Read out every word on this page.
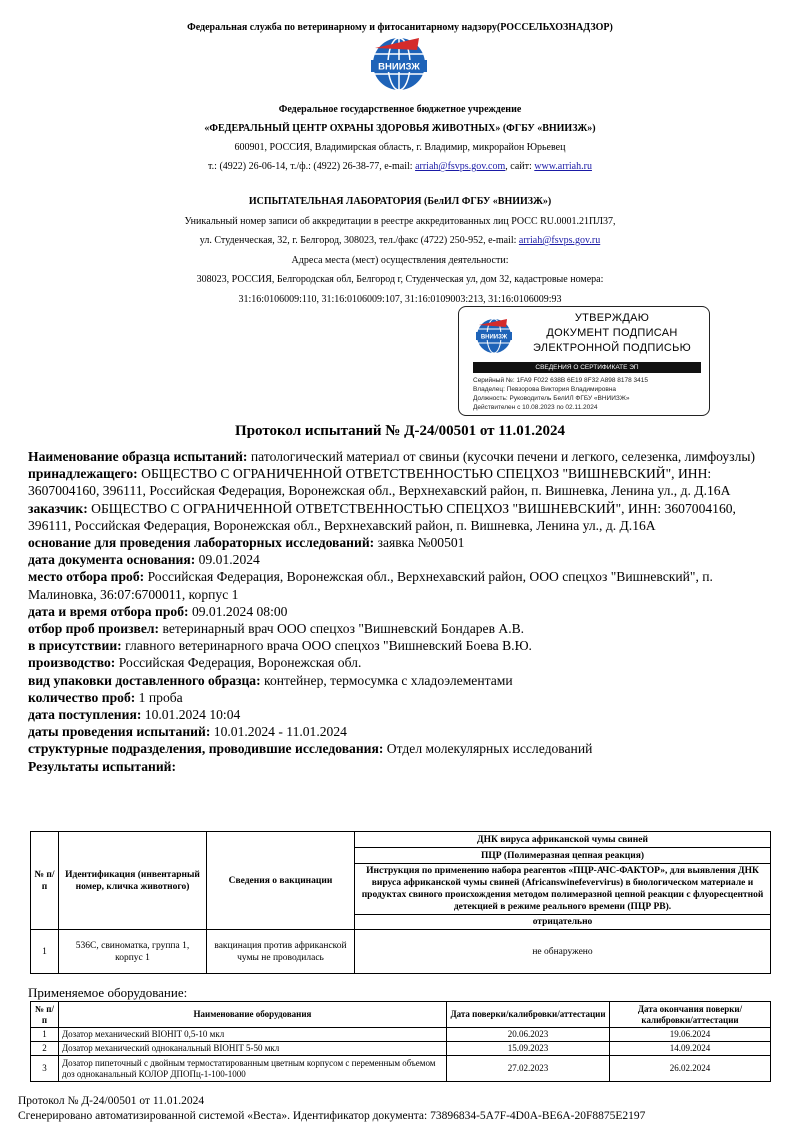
Федеральная служба по ветеринарному и фитосанитарному надзору(РОССЕЛЬХОЗНАДЗОР)
ВНИИЗЖ
Федеральное государственное бюджетное учреждение
«ФЕДЕРАЛЬНЫЙ ЦЕНТР ОХРАНЫ ЗДОРОВЬЯ ЖИВОТНЫХ» (ФГБУ «ВНИИЗЖ»)
600901, РОССИЯ, Владимирская область, г. Владимир, микрорайон Юрьевец
т.: (4922) 26-06-14, т./ф.: (4922) 26-38-77, e-mail: arriah@fsvps.gov.com, сайт: www.arriah.ru
ИСПЫТАТЕЛЬНАЯ ЛАБОРАТОРИЯ (БелИЛ ФГБУ «ВНИИЗЖ»)
Уникальный номер записи об аккредитации в реестре аккредитованных лиц РОСС RU.0001.21ПЛ37,
ул. Студенческая, 32, г. Белгород, 308023, тел./факс (4722) 250-952, e-mail: arriah@fsvps.gov.ru
Адреса места (мест) осуществления деятельности:
308023, РОССИЯ, Белгородская обл, Белгород г, Студенческая ул, дом 32, кадастровые номера:
31:16:0106009:110, 31:16:0106009:107, 31:16:0109003:213, 31:16:0106009:93
ВНИИЗЖ
УТВЕРЖДАЮ
ДОКУМЕНТ ПОДПИСАН
ЭЛЕКТРОННОЙ ПОДПИСЬЮ
СВЕДЕНИЯ О СЕРТИФИКАТЕ ЭП
Серийный №: 1FA9 F022 638B 6E19 8F32 A898 8178 3415
Владелец: Певзорова Виктория Владимировна
Должность: Руководитель БелИЛ ФГБУ «ВНИИЗЖ»
Действителен с 10.08.2023 по 02.11.2024
Протокол испытаний № Д-24/00501 от 11.01.2024

Наименование образца испытаний: патологический материал от свиньи (кусочки печени и легкого, селезенка, лимфоузлы)

принадлежащего: ОБЩЕСТВО С ОГРАНИЧЕННОЙ ОТВЕТСТВЕННОСТЬЮ СПЕЦХОЗ "ВИШНЕВСКИЙ", ИНН: 3607004160, 396111, Российская Федерация, Воронежская обл., Верхнехавский район, п. Вишневка, Ленина ул., д. Д.16А

заказчик: ОБЩЕСТВО С ОГРАНИЧЕННОЙ ОТВЕТСТВЕННОСТЬЮ СПЕЦХОЗ "ВИШНЕВСКИЙ", ИНН: 3607004160, 396111, Российская Федерация, Воронежская обл., Верхнехавский район, п. Вишневка, Ленина ул., д. Д.16А

основание для проведения лабораторных исследований: заявка №00501

дата документа основания: 09.01.2024

место отбора проб: Российская Федерация, Воронежская обл., Верхнехавский район, ООО спецхоз "Вишневский", п. Малиновка, 36:07:6700011, корпус 1

дата и время отбора проб: 09.01.2024 08:00

отбор проб произвел: ветеринарный врач ООО спецхоз "Вишневский Бондарев А.В.

в присутствии: главного ветеринарного врача ООО спецхоз "Вишневский Боева В.Ю.

производство: Российская Федерация, Воронежская обл.

вид упаковки доставленного образца: контейнер, термосумка с хладоэлементами

количество проб: 1 проба

дата поступления: 10.01.2024 10:04

даты проведения испытаний: 10.01.2024 - 11.01.2024

структурные подразделения, проводившие исследования: Отдел молекулярных исследований

Результаты испытаний:

№ п/п	Идентификация (инвентарный номер, кличка животного)	Сведения о вакцинации	ДНК вируса африканской чумы свиней
			ПЦР (Полимеразная цепная реакция)
			Инструкция по применению набора реагентов «ПЦР-АЧС-ФАКТОР», для выявления ДНК вируса африканской чумы свиней (Africanswinefevervirus) в биологическом материале и продуктах свиного происхождения методом полимеразной цепной реакции с флуоресцентной детекцией в режиме реального времени (ПЦР РВ).
			отрицательно
1	536С, свиноматка, группа 1, корпус 1	вакцинация против африканской чумы не проводилась	не обнаружено
Применяемое оборудование:
№ п/п	Наименование оборудования	Дата поверки/калибровки/аттестации	Дата окончания поверки/калибровки/аттестации
1	Дозатор механический BIOHIT 0,5-10 мкл	20.06.2023	19.06.2024
2	Дозатор механический одноканальный BIOHIT 5-50 мкл	15.09.2023	14.09.2024
3	Дозатор пипеточный с двойным термостатированным цветным корпусом с переменным объемом доз одноканальный КОЛОР ДПОПц-1-100-1000	27.02.2023	26.02.2024
Протокол № Д-24/00501 от 11.01.2024
Сгенерировано автоматизированной системой «Веста». Идентификатор документа: 73896834-5A7F-4D0A-BE6A-20F8875E2197
